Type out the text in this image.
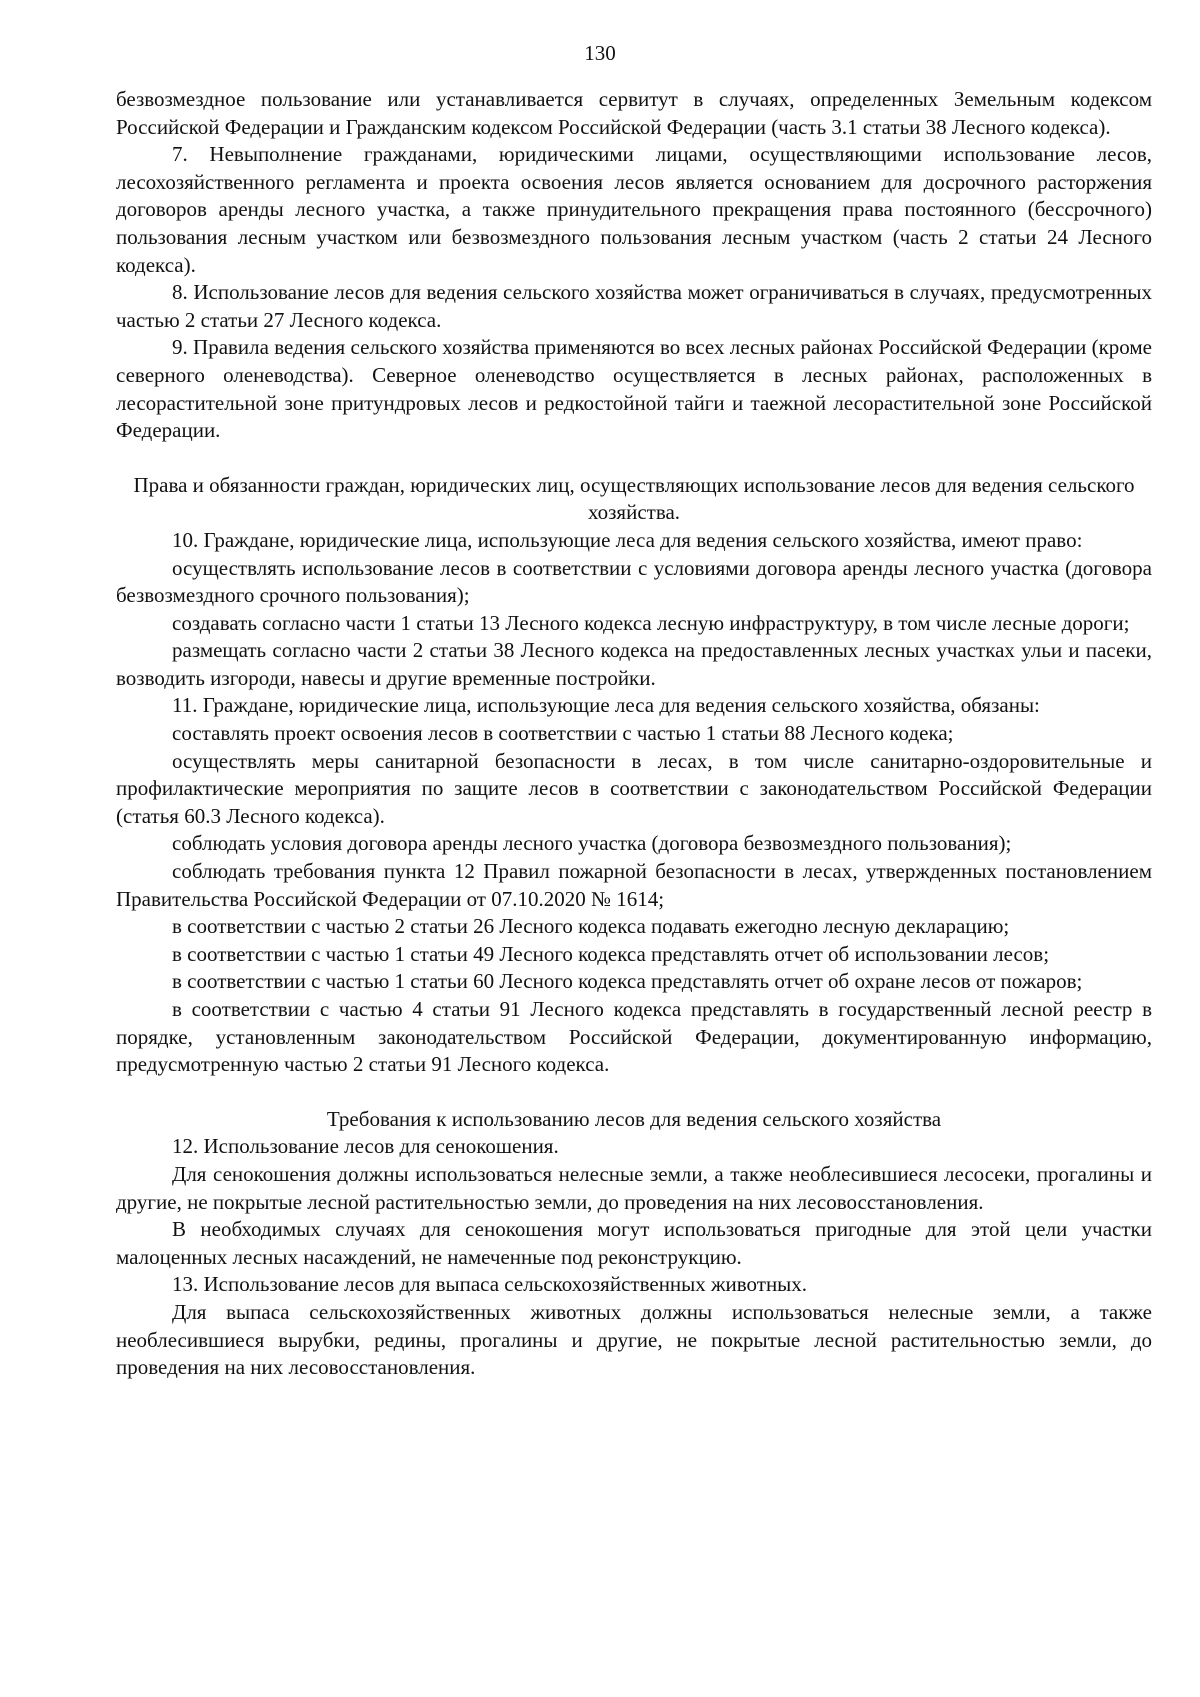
130

безвозмездное пользование или устанавливается сервитут в случаях, определенных Земельным кодексом Российской Федерации и Гражданским кодексом Российской Федерации (часть 3.1 статьи 38 Лесного кодекса).

7. Невыполнение гражданами, юридическими лицами, осуществляющими использование лесов, лесохозяйственного регламента и проекта освоения лесов является основанием для досрочного расторжения договоров аренды лесного участка, а также принудительного прекращения права постоянного (бессрочного) пользования лесным участком или безвозмездного пользования лесным участком (часть 2 статьи 24 Лесного кодекса).

8. Использование лесов для ведения сельского хозяйства может ограничиваться в случаях, предусмотренных частью 2 статьи 27 Лесного кодекса.

9. Правила ведения сельского хозяйства применяются во всех лесных районах Российской Федерации (кроме северного оленеводства). Северное оленеводство осуществляется в лесных районах, расположенных в лесорастительной зоне притундровых лесов и редкостойной тайги и таежной лесорастительной зоне Российской Федерации.

Права и обязанности граждан, юридических лиц, осуществляющих использование лесов для ведения сельского хозяйства.

10. Граждане, юридические лица, использующие леса для ведения сельского хозяйства, имеют право:

осуществлять использование лесов в соответствии с условиями договора аренды лесного участка (договора безвозмездного срочного пользования);

создавать согласно части 1 статьи 13 Лесного кодекса лесную инфраструктуру, в том числе лесные дороги;

размещать согласно части 2 статьи 38 Лесного кодекса на предоставленных лесных участках ульи и пасеки, возводить изгороди, навесы и другие временные постройки.

11. Граждане, юридические лица, использующие леса для ведения сельского хозяйства, обязаны:

составлять проект освоения лесов в соответствии с частью 1 статьи 88 Лесного кодека;

осуществлять меры санитарной безопасности в лесах, в том числе санитарно-оздоровительные и профилактические мероприятия по защите лесов в соответствии с законодательством Российской Федерации (статья 60.3 Лесного кодекса).

соблюдать условия договора аренды лесного участка (договора безвозмездного пользования);

соблюдать требования пункта 12 Правил пожарной безопасности в лесах, утвержденных постановлением Правительства Российской Федерации от 07.10.2020 № 1614;

в соответствии с частью 2 статьи 26 Лесного кодекса подавать ежегодно лесную декларацию;

в соответствии с частью 1 статьи 49 Лесного кодекса представлять отчет об использовании лесов;

в соответствии с частью 1 статьи 60 Лесного кодекса представлять отчет об охране лесов от пожаров;

в соответствии с частью 4 статьи 91 Лесного кодекса представлять в государственный лесной реестр в порядке, установленным законодательством Российской Федерации, документированную информацию, предусмотренную частью 2 статьи 91 Лесного кодекса.

Требования к использованию лесов для ведения сельского хозяйства

12. Использование лесов для сенокошения.

Для сенокошения должны использоваться нелесные земли, а также необлесившиеся лесосеки, прогалины и другие, не покрытые лесной растительностью земли, до проведения на них лесовосстановления.

В необходимых случаях для сенокошения могут использоваться пригодные для этой цели участки малоценных лесных насаждений, не намеченные под реконструкцию.

13. Использование лесов для выпаса сельскохозяйственных животных.

Для выпаса сельскохозяйственных животных должны использоваться нелесные земли, а также необлесившиеся вырубки, редины, прогалины и другие, не покрытые лесной растительностью земли, до проведения на них лесовосстановления.
